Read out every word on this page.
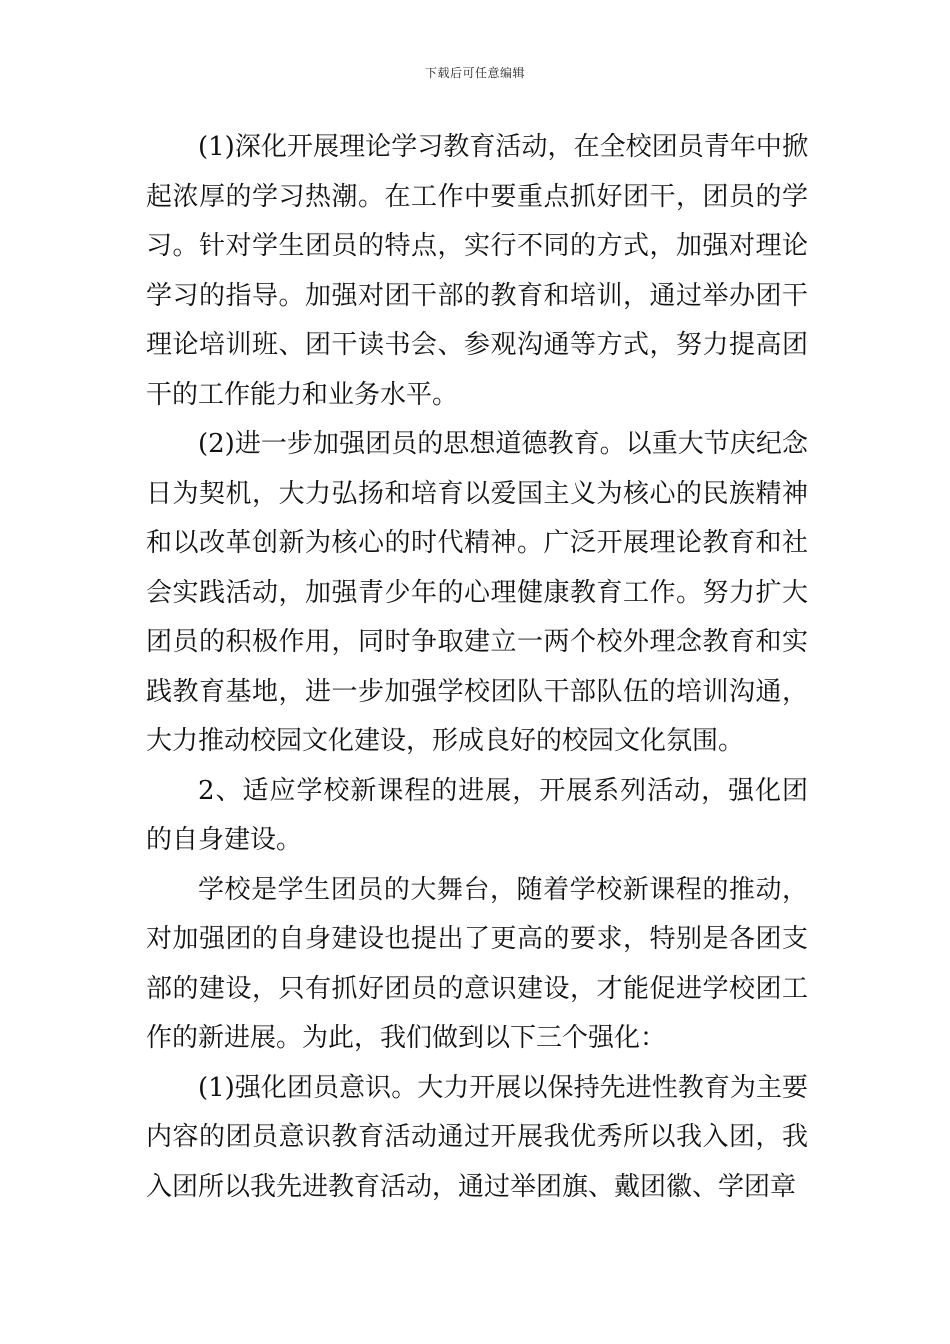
下载后可任意编辑

(1)深化开展理论学习教育活动，在全校团员青年中掀起浓厚的学习热潮。在工作中要重点抓好团干，团员的学习。针对学生团员的特点，实行不同的方式，加强对理论学习的指导。加强对团干部的教育和培训，通过举办团干理论培训班、团干读书会、参观沟通等方式，努力提高团干的工作能力和业务水平。

(2)进一步加强团员的思想道德教育。以重大节庆纪念日为契机，大力弘扬和培育以爱国主义为核心的民族精神和以改革创新为核心的时代精神。广泛开展理论教育和社会实践活动，加强青少年的心理健康教育工作。努力扩大团员的积极作用，同时争取建立一两个校外理念教育和实践教育基地，进一步加强学校团队干部队伍的培训沟通，大力推动校园文化建设，形成良好的校园文化氛围。

2、适应学校新课程的进展，开展系列活动，强化团的自身建设。

学校是学生团员的大舞台，随着学校新课程的推动，对加强团的自身建设也提出了更高的要求，特别是各团支部的建设，只有抓好团员的意识建设，才能促进学校团工作的新进展。为此，我们做到以下三个强化：

(1)强化团员意识。大力开展以保持先进性教育为主要内容的团员意识教育活动通过开展我优秀所以我入团，我入团所以我先进教育活动，通过举团旗、戴团徽、学团章
